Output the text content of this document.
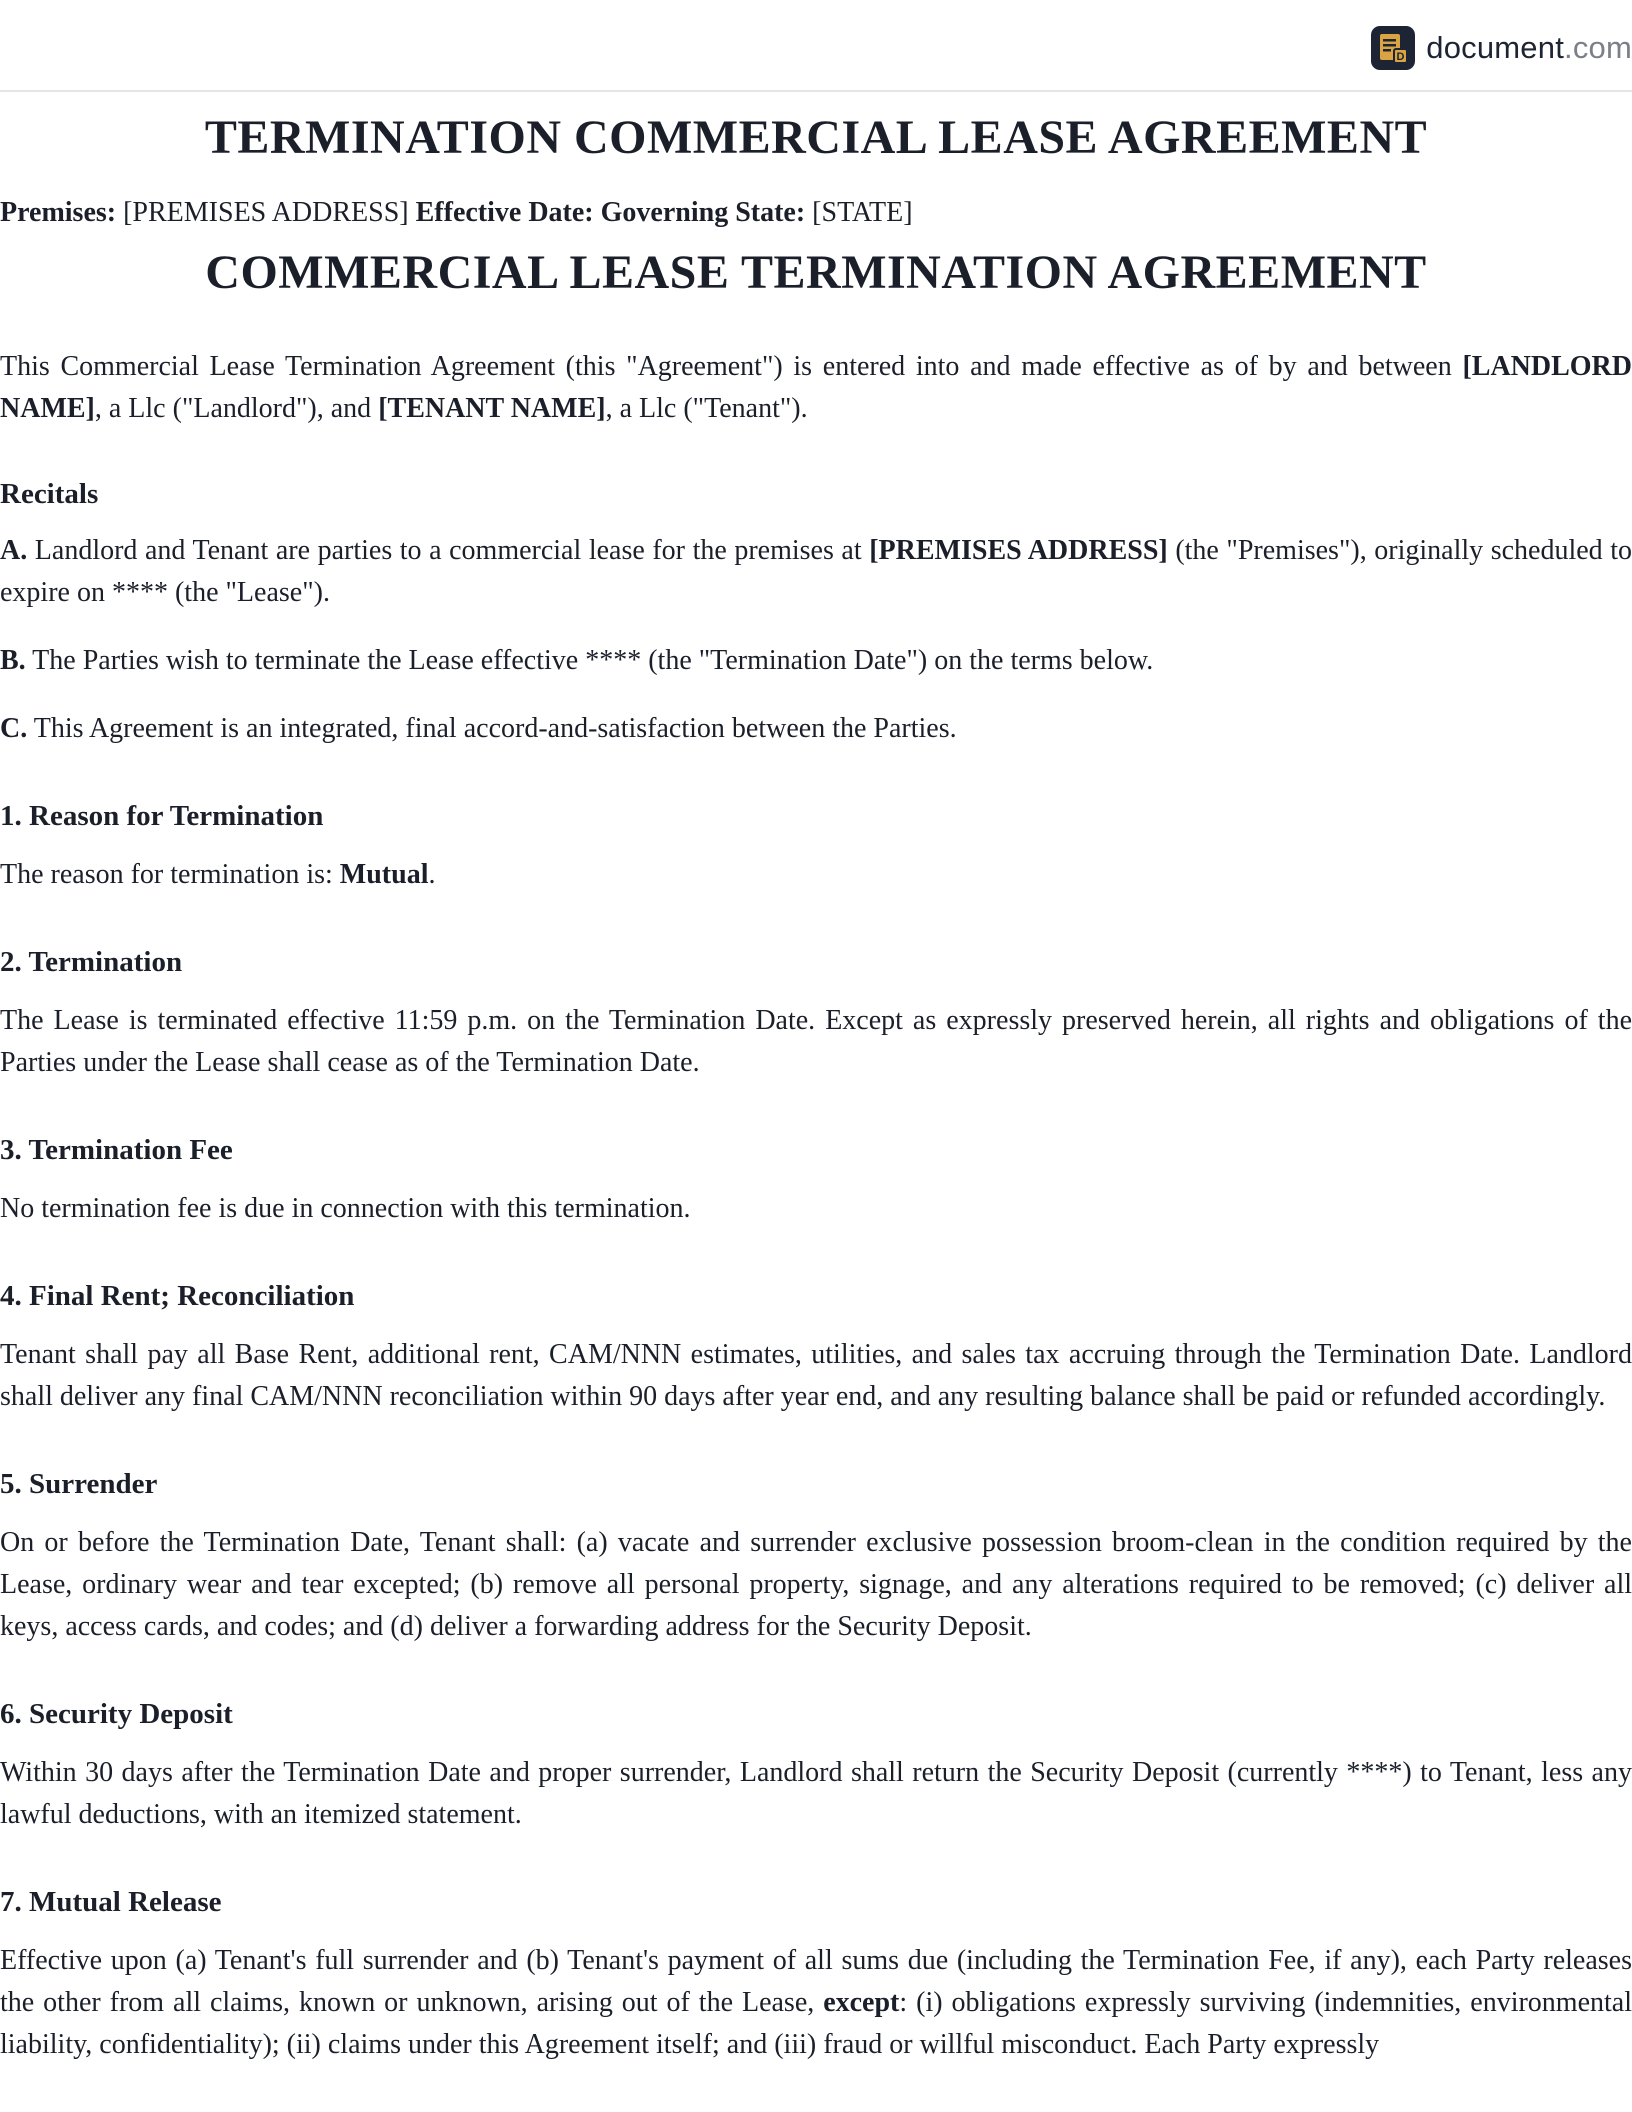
D document.com
TERMINATION COMMERCIAL LEASE AGREEMENT
Premises: [PREMISES ADDRESS] Effective Date: Governing State: [STATE]
COMMERCIAL LEASE TERMINATION AGREEMENT

This Commercial Lease Termination Agreement (this "Agreement") is entered into and made effective as of by and between [LANDLORD NAME], a Llc ("Landlord"), and [TENANT NAME], a Llc ("Tenant").

Recitals

A. Landlord and Tenant are parties to a commercial lease for the premises at [PREMISES ADDRESS] (the "Premises"), originally scheduled to expire on **** (the "Lease").

B. The Parties wish to terminate the Lease effective **** (the "Termination Date") on the terms below.

C. This Agreement is an integrated, final accord-and-satisfaction between the Parties.

1. Reason for Termination

The reason for termination is: Mutual.

2. Termination

The Lease is terminated effective 11:59 p.m. on the Termination Date. Except as expressly preserved herein, all rights and obligations of the Parties under the Lease shall cease as of the Termination Date.

3. Termination Fee

No termination fee is due in connection with this termination.

4. Final Rent; Reconciliation

Tenant shall pay all Base Rent, additional rent, CAM/NNN estimates, utilities, and sales tax accruing through the Termination Date. Landlord shall deliver any final CAM/NNN reconciliation within 90 days after year end, and any resulting balance shall be paid or refunded accordingly.

5. Surrender

On or before the Termination Date, Tenant shall: (a) vacate and surrender exclusive possession broom-clean in the condition required by the Lease, ordinary wear and tear excepted; (b) remove all personal property, signage, and any alterations required to be removed; (c) deliver all keys, access cards, and codes; and (d) deliver a forwarding address for the Security Deposit.

6. Security Deposit

Within 30 days after the Termination Date and proper surrender, Landlord shall return the Security Deposit (currently ****) to Tenant, less any lawful deductions, with an itemized statement.

7. Mutual Release

Effective upon (a) Tenant's full surrender and (b) Tenant's payment of all sums due (including the Termination Fee, if any), each Party releases the other from all claims, known or unknown, arising out of the Lease, except: (i) obligations expressly surviving (indemnities, environmental liability, confidentiality); (ii) claims under this Agreement itself; and (iii) fraud or willful misconduct. Each Party expressly
